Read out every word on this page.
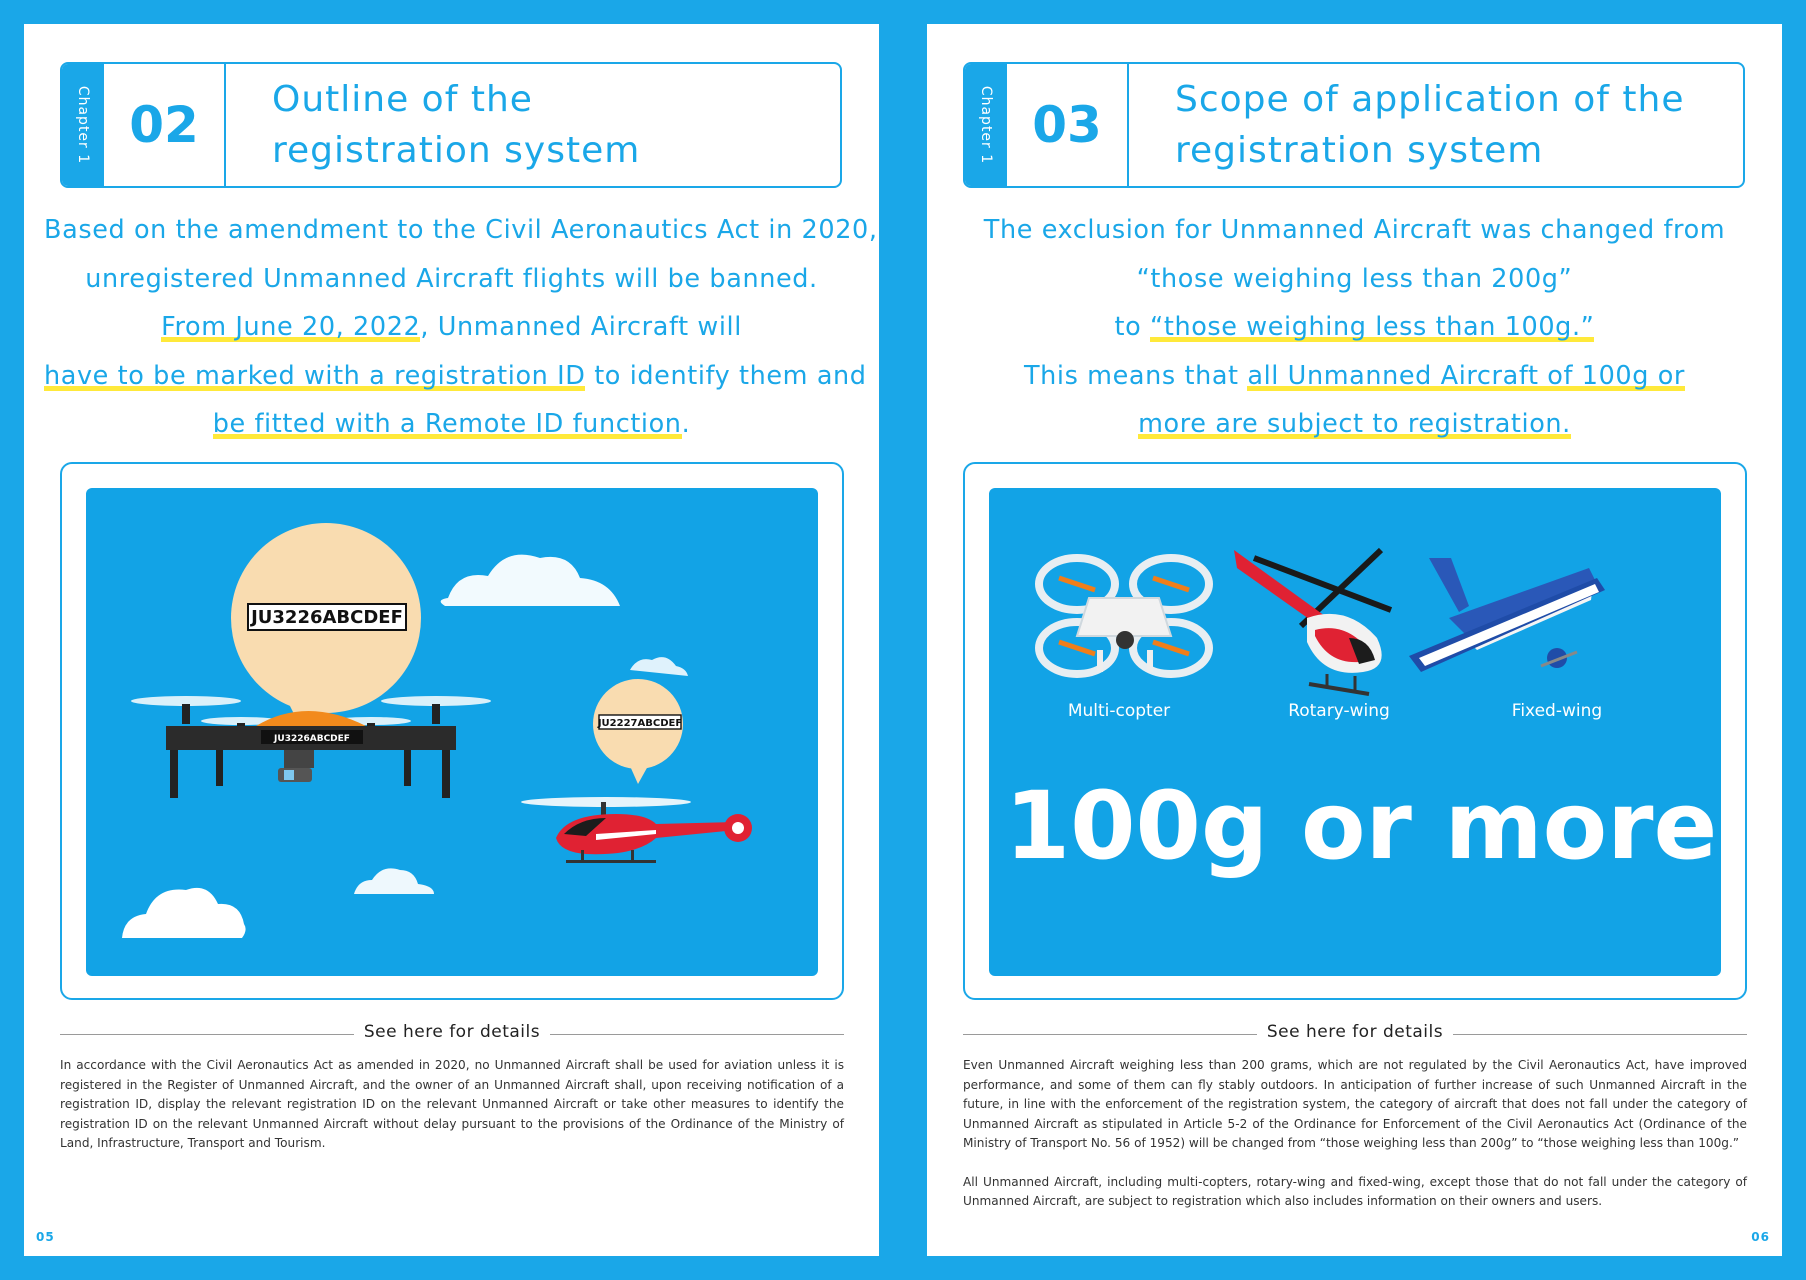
Chapter 1 02	Outline of the
registration system
Based on the amendment to the Civil Aeronautics Act in 2020,
unregistered Unmanned Aircraft flights will be banned.
From June 20, 2022, Unmanned Aircraft will
have to be marked with a registration ID to identify them and
be fitted with a Remote ID function.
JU3226ABCDEF
JU2227ABCDEF
JU3226ABCDEF
See here for details

In accordance with the Civil Aeronautics Act as amended in 2020, no Unmanned Aircraft shall be used for aviation unless it is registered in the Register of Unmanned Aircraft, and the owner of an Unmanned Aircraft shall, upon receiving notification of a registration ID, display the relevant registration ID on the relevant Unmanned Aircraft or take other measures to identify the registration ID on the relevant Unmanned Aircraft without delay pursuant to the provisions of the Ordinance of the Ministry of Land, Infrastructure, Transport and Tourism.

05
Chapter 1 03	Scope of application of the
registration system
The exclusion for Unmanned Aircraft was changed from
“those weighing less than 200g”
to “those weighing less than 100g.”
This means that all Unmanned Aircraft of 100g or
more are subject to registration.
Multi-copter	Rotary-wing	Fixed-wing
100g or more
See here for details

Even Unmanned Aircraft weighing less than 200 grams, which are not regulated by the Civil Aeronautics Act, have improved performance, and some of them can fly stably outdoors. In anticipation of further increase of such Unmanned Aircraft in the future, in line with the enforcement of the registration system, the category of aircraft that does not fall under the category of Unmanned Aircraft as stipulated in Article 5-2 of the Ordinance for Enforcement of the Civil Aeronautics Act (Ordinance of the Ministry of Transport No. 56 of 1952) will be changed from “those weighing less than 200g” to “those weighing less than 100g.”

All Unmanned Aircraft, including multi-copters, rotary-wing and fixed-wing, except those that do not fall under the category of Unmanned Aircraft, are subject to registration which also includes information on their owners and users.

06
